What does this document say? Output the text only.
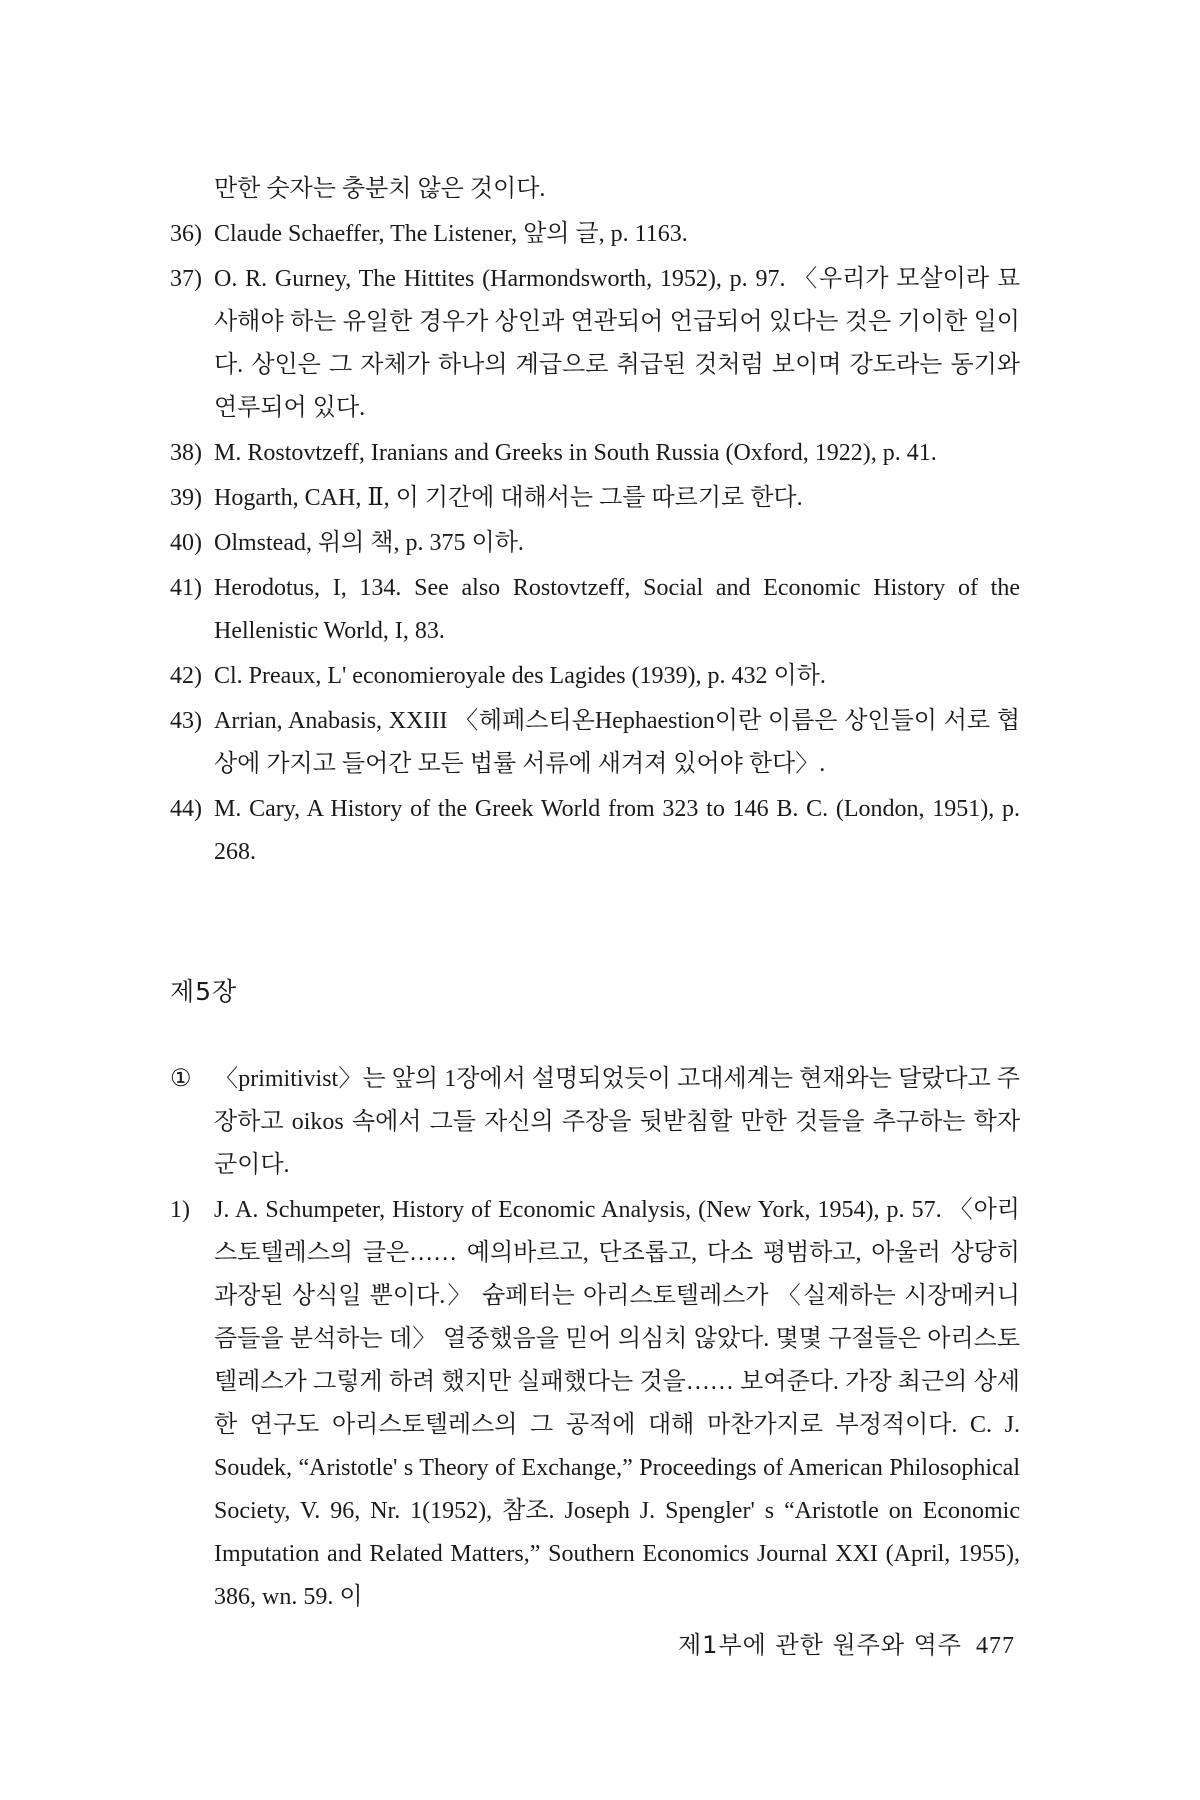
만한 숫자는 충분치 않은 것이다.

36) Claude Schaeffer, The Listener, 앞의 글, p. 1163.

37) O. R. Gurney, The Hittites (Harmondsworth, 1952), p. 97. 〈우리가 모살이라 묘사해야 하는 유일한 경우가 상인과 연관되어 언급되어 있다는 것은 기이한 일이다. 상인은 그 자체가 하나의 계급으로 취급된 것처럼 보이며 강도라는 동기와 연루되어 있다.

38) M. Rostovtzeff, Iranians and Greeks in South Russia (Oxford, 1922), p. 41.

39) Hogarth, CAH, Ⅱ, 이 기간에 대해서는 그를 따르기로 한다.

40) Olmstead, 위의 책, p. 375 이하.

41) Herodotus, I, 134. See also Rostovtzeff, Social and Economic History of the Hellenistic World, I, 83.

42) Cl. Preaux, L' economieroyale des Lagides (1939), p. 432 이하.

43) Arrian, Anabasis, XXIII 〈헤페스티온Hephaestion이란 이름은 상인들이 서로 협상에 가지고 들어간 모든 법률 서류에 새겨져 있어야 한다〉.

44) M. Cary, A History of the Greek World from 323 to 146 B. C. (London, 1951), p. 268.

제5장

① 〈primitivist〉는 앞의 1장에서 설명되었듯이 고대세계는 현재와는 달랐다고 주장하고 oikos 속에서 그들 자신의 주장을 뒷받침할 만한 것들을 추구하는 학자군이다.

1) J. A. Schumpeter, History of Economic Analysis, (New York, 1954), p. 57. 〈아리스토텔레스의 글은…… 예의바르고, 단조롭고, 다소 평범하고, 아울러 상당히 과장된 상식일 뿐이다.〉 슘페터는 아리스토텔레스가 〈실제하는 시장메커니즘들을 분석하는 데〉 열중했음을 믿어 의심치 않았다. 몇몇 구절들은 아리스토텔레스가 그렇게 하려 했지만 실패했다는 것을…… 보여준다. 가장 최근의 상세한 연구도 아리스토텔레스의 그 공적에 대해 마찬가지로 부정적이다. C. J. Soudek, “Aristotle' s Theory of Exchange,” Proceedings of American Philosophical Society, V. 96, Nr. 1(1952), 참조. Joseph J. Spengler' s “Aristotle on Economic Imputation and Related Matters,” Southern Economics Journal XXI (April, 1955), 386, wn. 59. 이

제1부에 관한 원주와 역주 477
